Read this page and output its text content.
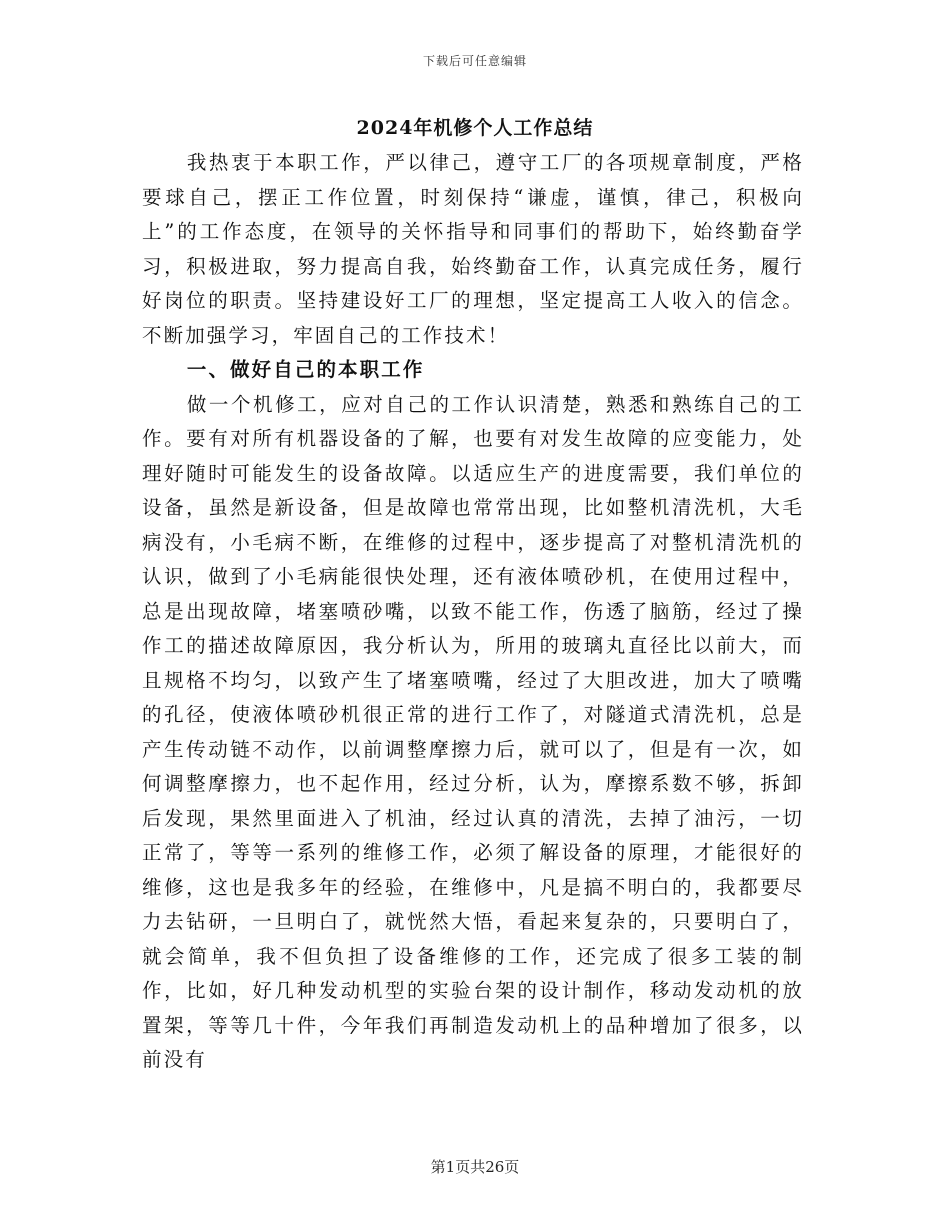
下载后可任意编辑
2024年机修个人工作总结

我热衷于本职工作，严以律己，遵守工厂的各项规章制度，严格要球自己，摆正工作位置，时刻保持“谦虚，谨慎，律己，积极向上”的工作态度，在领导的关怀指导和同事们的帮助下，始终勤奋学习，积极进取，努力提高自我，始终勤奋工作，认真完成任务，履行好岗位的职责。坚持建设好工厂的理想，坚定提高工人收入的信念。不断加强学习，牢固自己的工作技术！

一、做好自己的本职工作

做一个机修工，应对自己的工作认识清楚，熟悉和熟练自己的工作。要有对所有机器设备的了解，也要有对发生故障的应变能力，处理好随时可能发生的设备故障。以适应生产的进度需要，我们单位的设备，虽然是新设备，但是故障也常常出现，比如整机清洗机，大毛病没有，小毛病不断，在维修的过程中，逐步提高了对整机清洗机的认识，做到了小毛病能很快处理，还有液体喷砂机，在使用过程中，总是出现故障，堵塞喷砂嘴，以致不能工作，伤透了脑筋，经过了操作工的描述故障原因，我分析认为，所用的玻璃丸直径比以前大，而且规格不均匀，以致产生了堵塞喷嘴，经过了大胆改进，加大了喷嘴的孔径，使液体喷砂机很正常的进行工作了，对隧道式清洗机，总是产生传动链不动作，以前调整摩擦力后，就可以了，但是有一次，如何调整摩擦力，也不起作用，经过分析，认为，摩擦系数不够，拆卸后发现，果然里面进入了机油，经过认真的清洗，去掉了油污，一切正常了，等等一系列的维修工作，必须了解设备的原理，才能很好的维修，这也是我多年的经验，在维修中，凡是搞不明白的，我都要尽力去钻研，一旦明白了，就恍然大悟，看起来复杂的，只要明白了，就会简单，我不但负担了设备维修的工作，还完成了很多工装的制作，比如，好几种发动机型的实验台架的设计制作，移动发动机的放置架，等等几十件，今年我们再制造发动机上的品种增加了很多，以前没有

第1页共26页
